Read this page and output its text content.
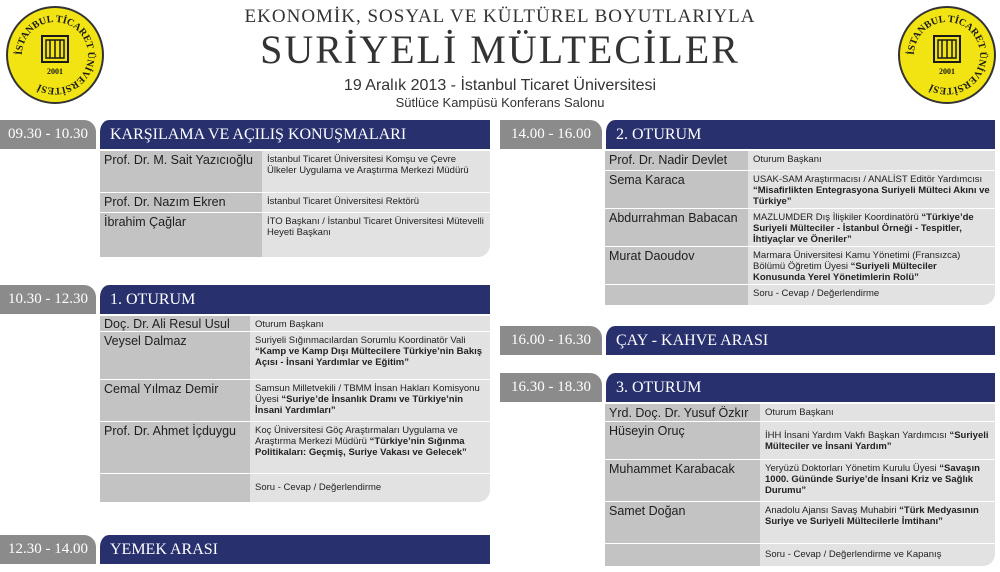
İSTANBUL TİCARET ÜNİVERSİTESİ
2001
İSTANBUL TİCARET ÜNİVERSİTESİ
2001
EKONOMİK, SOSYAL VE KÜLTÜREL BOYUTLARIYLA
SURİYELİ MÜLTECİLER
19 Aralık 2013 - İstanbul Ticaret Üniversitesi
Sütlüce Kampüsü Konferans Salonu
09.30 - 10.30	KARŞILAMA VE AÇILIŞ KONUŞMALARI
Prof. Dr. M. Sait Yazıcıoğlu	İstanbul Ticaret Üniversitesi Komşu ve Çevre Ülkeler Uygulama ve Araştırma Merkezi Müdürü
Prof. Dr. Nazım Ekren	İstanbul Ticaret Üniversitesi Rektörü
İbrahim Çağlar	İTO Başkanı / İstanbul Ticaret Üniversitesi Mütevelli Heyeti Başkanı
10.30 - 12.30	1. OTURUM
Doç. Dr. Ali Resul Usul	Oturum Başkanı
Veysel Dalmaz	Suriyeli Sığınmacılardan Sorumlu Koordinatör Vali “Kamp ve Kamp Dışı Mültecilere Türkiye’nin Bakış Açısı - İnsani Yardımlar ve Eğitim”
Cemal Yılmaz Demir	Samsun Milletvekili / TBMM İnsan Hakları Komisyonu Üyesi “Suriye’de İnsanlık Dramı ve Türkiye’nin İnsani Yardımları”
Prof. Dr. Ahmet İçduygu	Koç Üniversitesi Göç Araştırmaları Uygulama ve Araştırma Merkezi Müdürü “Türkiye’nin Sığınma Politikaları: Geçmiş, Suriye Vakası ve Gelecek”
Soru - Cevap / Değerlendirme
12.30 - 14.00	YEMEK ARASI
14.00 - 16.00	2. OTURUM
Prof. Dr. Nadir Devlet	Oturum Başkanı
Sema Karaca	USAK-SAM Araştırmacısı / ANALİST Editör Yardımcısı “Misafirlikten Entegrasyona Suriyeli Mülteci Akını ve Türkiye”
Abdurrahman Babacan	MAZLUMDER Dış İlişkiler Koordinatörü “Türkiye’de Suriyeli Mülteciler - İstanbul Örneği - Tespitler, İhtiyaçlar ve Öneriler”
Murat Daoudov	Marmara Üniversitesi Kamu Yönetimi (Fransızca) Bölümü Öğretim Üyesi “Suriyeli Mülteciler Konusunda Yerel Yönetimlerin Rolü”
Soru - Cevap / Değerlendirme
16.00 - 16.30	ÇAY - KAHVE ARASI
16.30 - 18.30	3. OTURUM
Yrd. Doç. Dr. Yusuf Özkır	Oturum Başkanı
Hüseyin Oruç	İHH İnsani Yardım Vakfı Başkan Yardımcısı “Suriyeli Mülteciler ve İnsani Yardım”
Muhammet Karabacak	Yeryüzü Doktorları Yönetim Kurulu Üyesi “Savaşın 1000. Gününde Suriye’de İnsani Kriz ve Sağlık Durumu”
Samet Doğan	Anadolu Ajansı Savaş Muhabiri “Türk Medyasının Suriye ve Suriyeli Mültecilerle İmtihanı”
Soru - Cevap / Değerlendirme ve Kapanış
